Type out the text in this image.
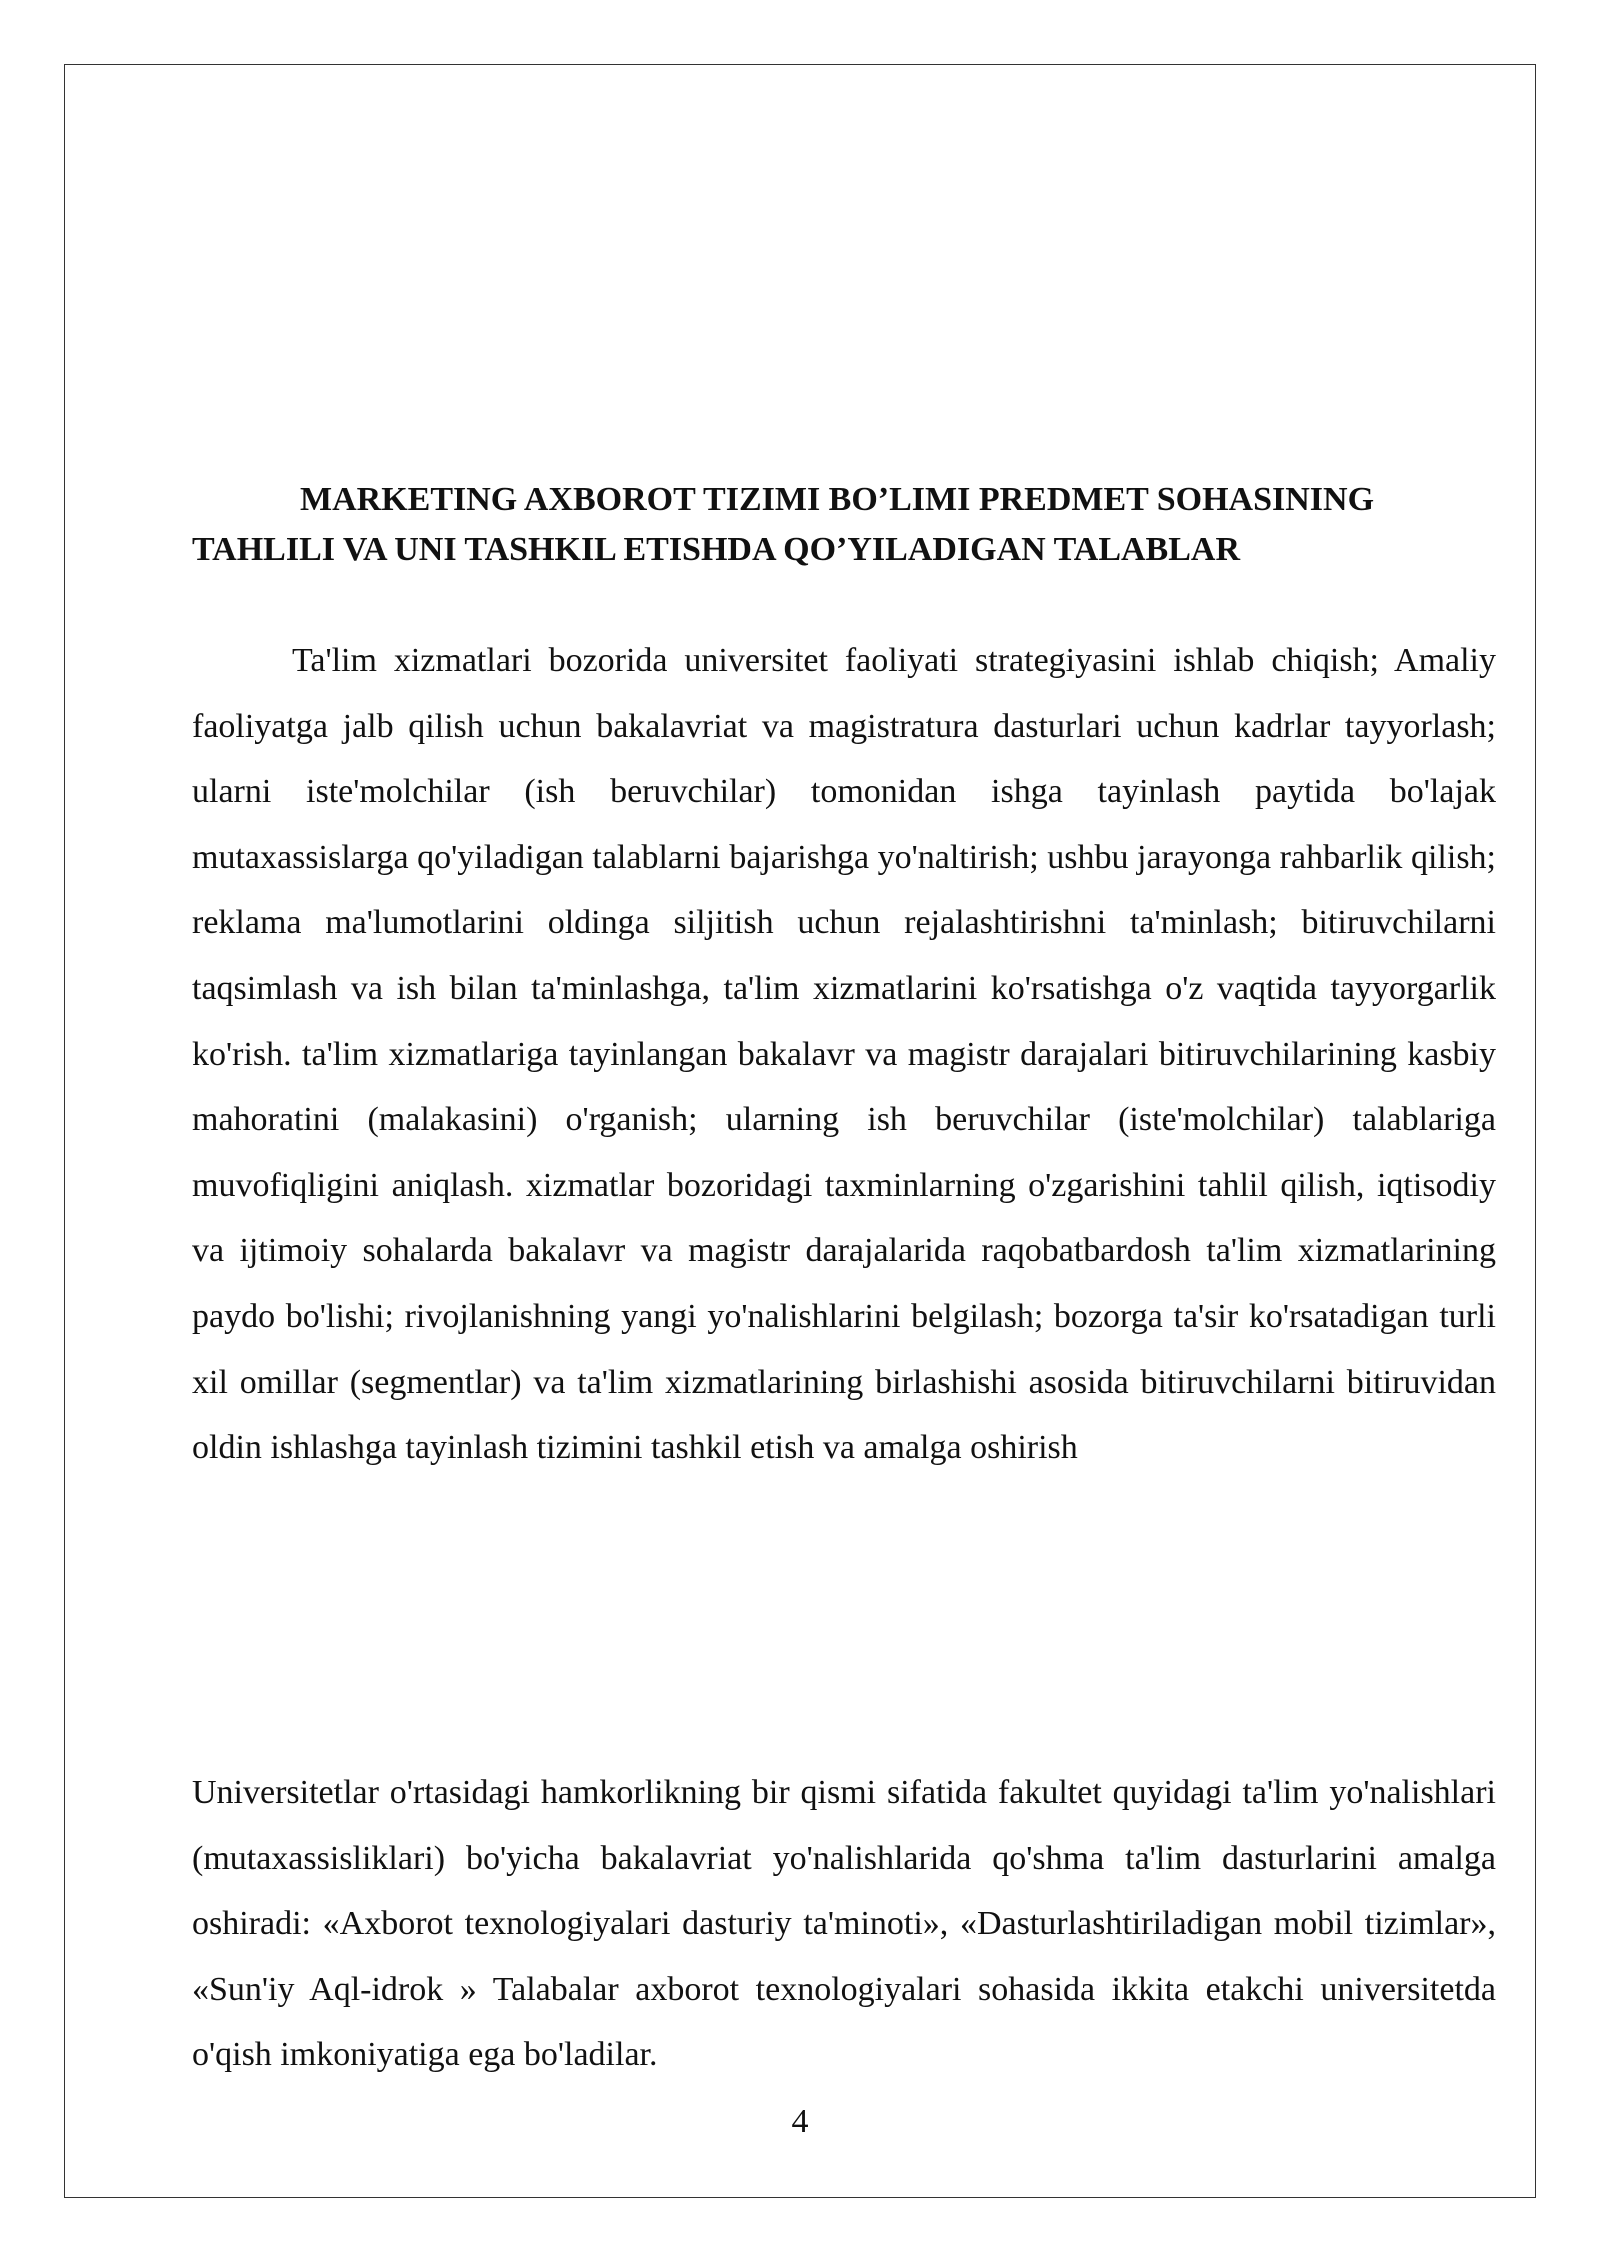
MARKETING AXBOROT TIZIMI BO’LIMI PREDMET SOHASINING
TAHLILI VA UNI TASHKIL ETISHDA QO’YILADIGAN TALABLAR

Ta'lim xizmatlari bozorida universitet faoliyati strategiyasini ishlab chiqish; Amaliy faoliyatga jalb qilish uchun bakalavriat va magistratura dasturlari uchun kadrlar tayyorlash; ularni iste'molchilar (ish beruvchilar) tomonidan ishga tayinlash paytida bo'lajak mutaxassislarga qo'yiladigan talablarni bajarishga yo'naltirish; ushbu jarayonga rahbarlik qilish; reklama ma'lumotlarini oldinga siljitish uchun rejalashtirishni ta'minlash; bitiruvchilarni taqsimlash va ish bilan ta'minlashga, ta'lim xizmatlarini ko'rsatishga o'z vaqtida tayyorgarlik ko'rish. ta'lim xizmatlariga tayinlangan bakalavr va magistr darajalari bitiruvchilarining kasbiy mahoratini (malakasini) o'rganish; ularning ish beruvchilar (iste'molchilar) talablariga muvofiqligini aniqlash. xizmatlar bozoridagi taxminlarning o'zgarishini tahlil qilish, iqtisodiy va ijtimoiy sohalarda bakalavr va magistr darajalarida raqobatbardosh ta'lim xizmatlarining paydo bo'lishi; rivojlanishning yangi yo'nalishlarini belgilash; bozorga ta'sir ko'rsatadigan turli xil omillar (segmentlar) va ta'lim xizmatlarining birlashishi asosida bitiruvchilarni bitiruvidan oldin ishlashga tayinlash tizimini tashkil etish va amalga oshirish

Universitetlar o'rtasidagi hamkorlikning bir qismi sifatida fakultet quyidagi ta'lim yo'nalishlari (mutaxassisliklari) bo'yicha bakalavriat yo'nalishlarida qo'shma ta'lim dasturlarini amalga oshiradi: «Axborot texnologiyalari dasturiy ta'minoti», «Dasturlashtiriladigan mobil tizimlar», «Sun'iy Aql-idrok » Talabalar axborot texnologiyalari sohasida ikkita etakchi universitetda o'qish imkoniyatiga ega bo'ladilar.

4
